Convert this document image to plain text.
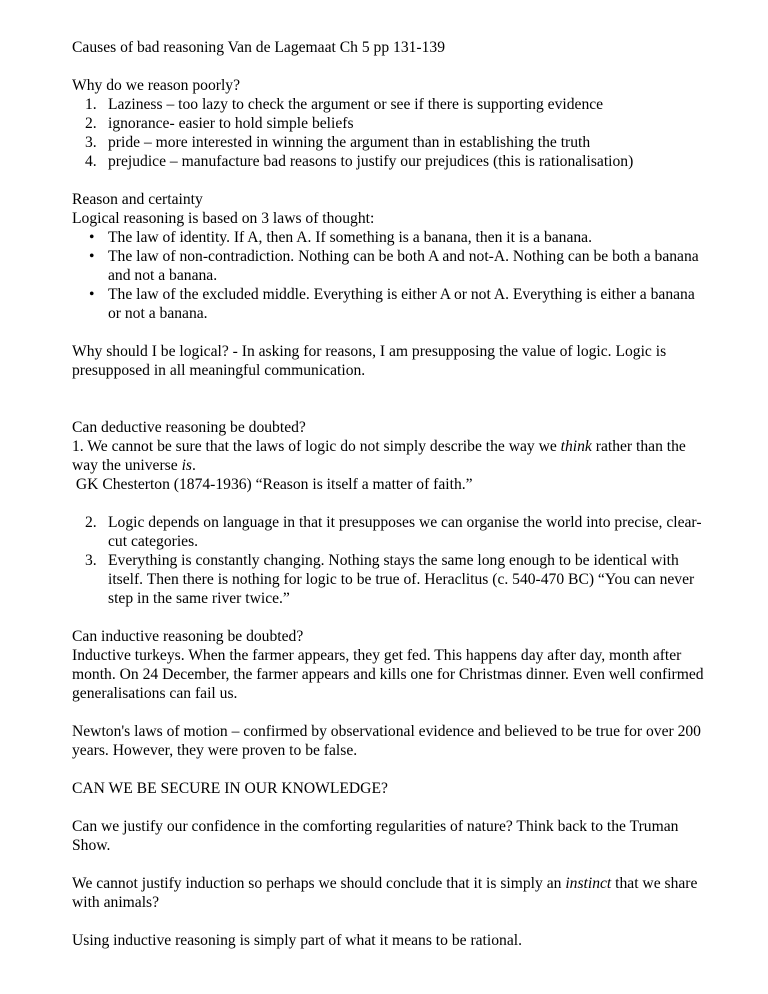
Causes of bad reasoning Van de Lagemaat Ch 5 pp 131-139

Why do we reason poorly?

1. Laziness – too lazy to check the argument or see if there is supporting evidence
2. ignorance- easier to hold simple beliefs
3. pride – more interested in winning the argument than in establishing the truth
4. prejudice – manufacture bad reasons to justify our prejudices (this is rationalisation)

Reason and certainty

Logical reasoning is based on 3 laws of thought:

• The law of identity. If A, then A. If something is a banana, then it is a banana.
• The law of non-contradiction. Nothing can be both A and not-A. Nothing can be both a banana and not a banana.
• The law of the excluded middle. Everything is either A or not A. Everything is either a banana or not a banana.

Why should I be logical? - In asking for reasons, I am presupposing the value of logic. Logic is presupposed in all meaningful communication.

Can deductive reasoning be doubted?

1. We cannot be sure that the laws of logic do not simply describe the way we think rather than the way the universe is.

GK Chesterton (1874-1936) “Reason is itself a matter of faith.”

2. Logic depends on language in that it presupposes we can organise the world into precise, clear-cut categories.
3. Everything is constantly changing. Nothing stays the same long enough to be identical with itself. Then there is nothing for logic to be true of. Heraclitus (c. 540-470 BC) “You can never step in the same river twice.”

Can inductive reasoning be doubted?

Inductive turkeys. When the farmer appears, they get fed. This happens day after day, month after month. On 24 December, the farmer appears and kills one for Christmas dinner. Even well confirmed generalisations can fail us.

Newton's laws of motion – confirmed by observational evidence and believed to be true for over 200 years. However, they were proven to be false.

CAN WE BE SECURE IN OUR KNOWLEDGE?

Can we justify our confidence in the comforting regularities of nature? Think back to the Truman Show.

We cannot justify induction so perhaps we should conclude that it is simply an instinct that we share with animals?

Using inductive reasoning is simply part of what it means to be rational.
